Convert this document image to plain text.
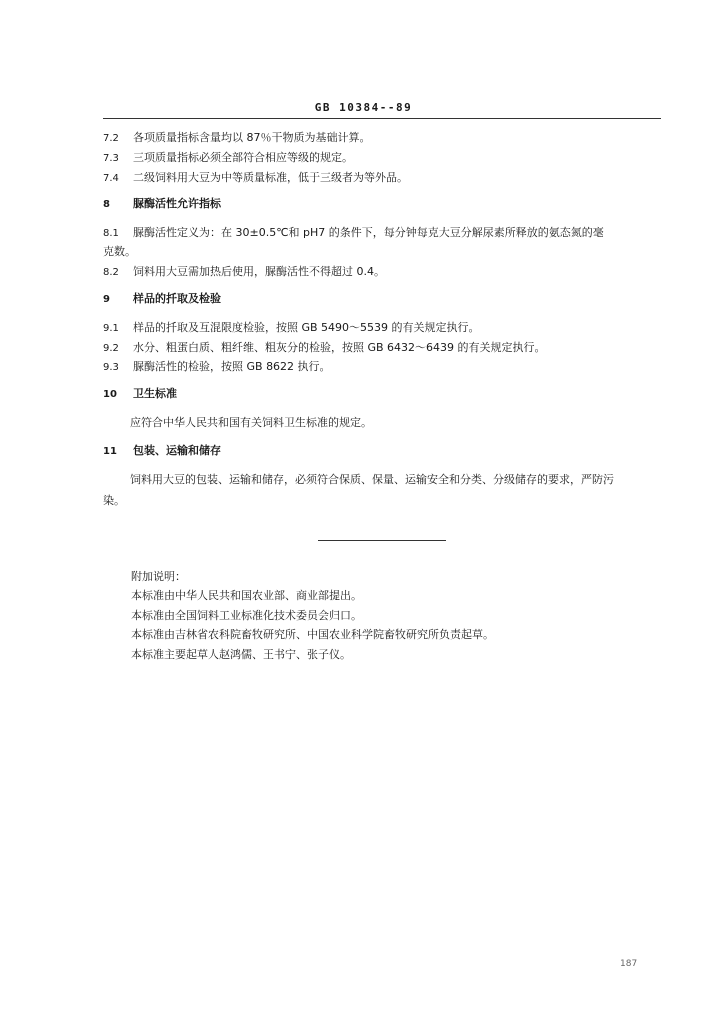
GB 10384--89
7.2 各项质量指标含量均以 87％干物质为基础计算。
7.3 三项质量指标必须全部符合相应等级的规定。
7.4 二级饲料用大豆为中等质量标准，低于三级者为等外品。
8 脲酶活性允许指标
8.1 脲酶活性定义为：在 30±0.5℃和 pH7 的条件下，每分钟每克大豆分解尿素所释放的氨态氮的毫
克数。
8.2 饲料用大豆需加热后使用，脲酶活性不得超过 0.4。
9 样品的扦取及检验
9.1 样品的扦取及互混限度检验，按照 GB 5490～5539 的有关规定执行。
9.2 水分、粗蛋白质、粗纤维、粗灰分的检验，按照 GB 6432～6439 的有关规定执行。
9.3 脲酶活性的检验，按照 GB 8622 执行。
10 卫生标准
应符合中华人民共和国有关饲料卫生标准的规定。
11 包装、运输和储存
饲料用大豆的包装、运输和储存，必须符合保质、保量、运输安全和分类、分级储存的要求，严防污
染。
附加说明：
本标准由中华人民共和国农业部、商业部提出。
本标准由全国饲料工业标准化技术委员会归口。
本标准由吉林省农科院畜牧研究所、中国农业科学院畜牧研究所负责起草。
本标准主要起草人赵鸿儒、王书宁、张子仪。
187
